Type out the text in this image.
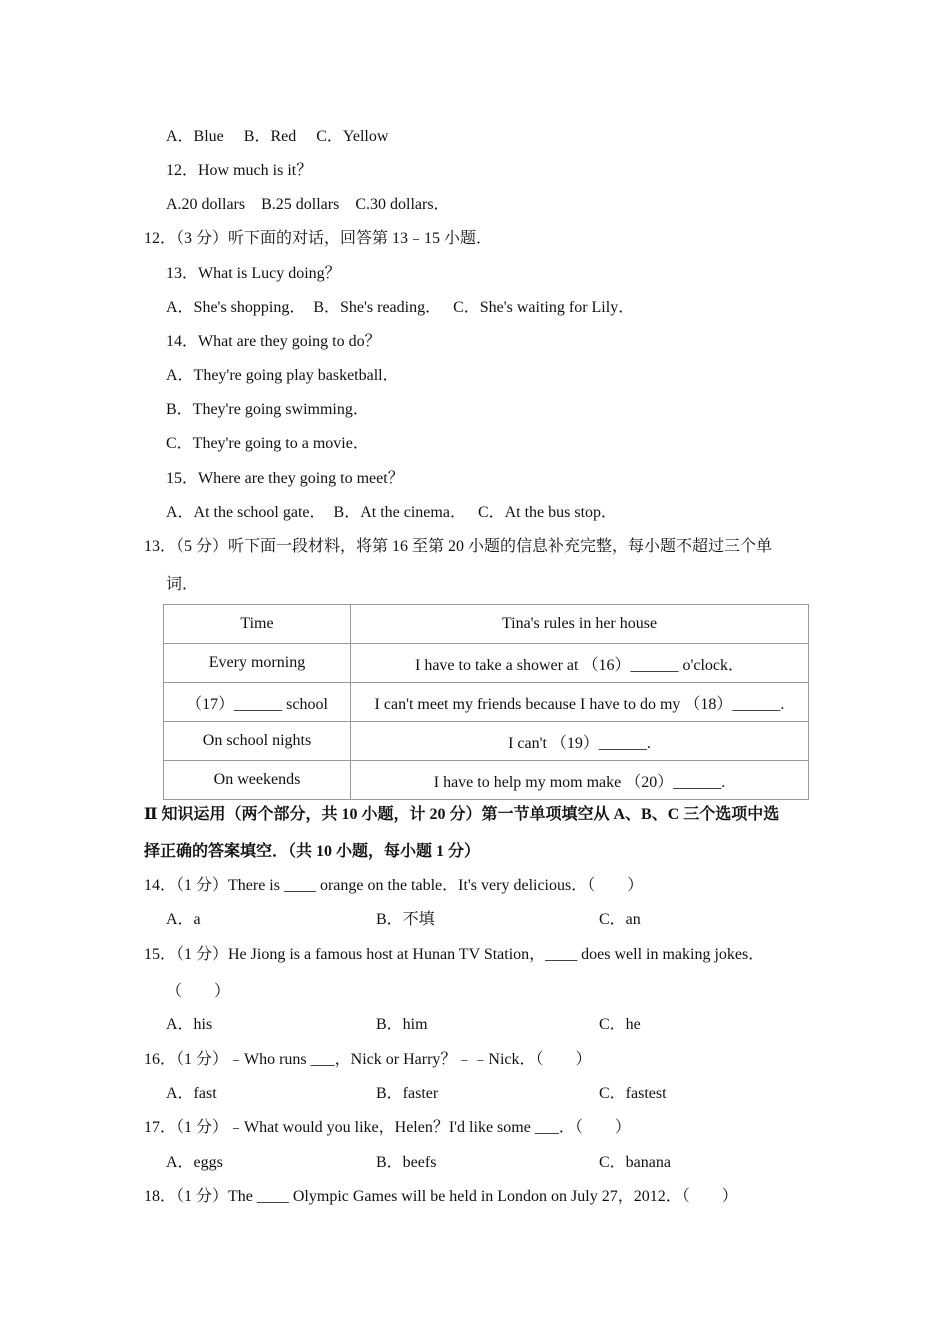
A．Blue　 B．Red　 C．Yellow
12．How much is it？
A.20 dollars　B.25 dollars　C.30 dollars．
12．（3 分）听下面的对话，回答第 13﹣15 小题．
13．What is Lucy doing？
A．She's shopping．　B．She's reading．　 C．She's waiting for Lily．
14．What are they going to do？
A．They're going play basketball．
B．They're going swimming．
C．They're going to a movie．
15．Where are they going to meet？
A．At the school gate．　B．At the cinema．　 C．At the bus stop．
13．（5 分）听下面一段材料，将第 16 至第 20 小题的信息补充完整，每小题不超过三个单
词．
Time	Tina's rules in her house
Every morning	I have to take a shower at （16）______ o'clock．
（17）______ school	I can't meet my friends because I have to do my （18）______.
On school nights	I can't （19）______.
On weekends	I have to help my mom make （20）______.
Ⅱ 知识运用（两个部分，共 10 小题，计 20 分）第一节单项填空从 A、B、C 三个选项中选
择正确的答案填空．（共 10 小题，每小题 1 分）
14．（1 分）There is ____ orange on the table．It's very delicious．（　　）
A．a	B．不填	C．an
15．（1 分）He Jiong is a famous host at Hunan TV Station，____ does well in making jokes．
（　　）
A．his	B．him	C．he
16．（1 分）﹣Who runs ___，Nick or Harry？﹣﹣Nick．（　　）
A．fast	B．faster	C．fastest
17．（1 分）﹣What would you like，Helen？I'd like some ___．（　　）
A．eggs	B．beefs	C．banana
18．（1 分）The ____ Olympic Games will be held in London on July 27，2012．（　　）
